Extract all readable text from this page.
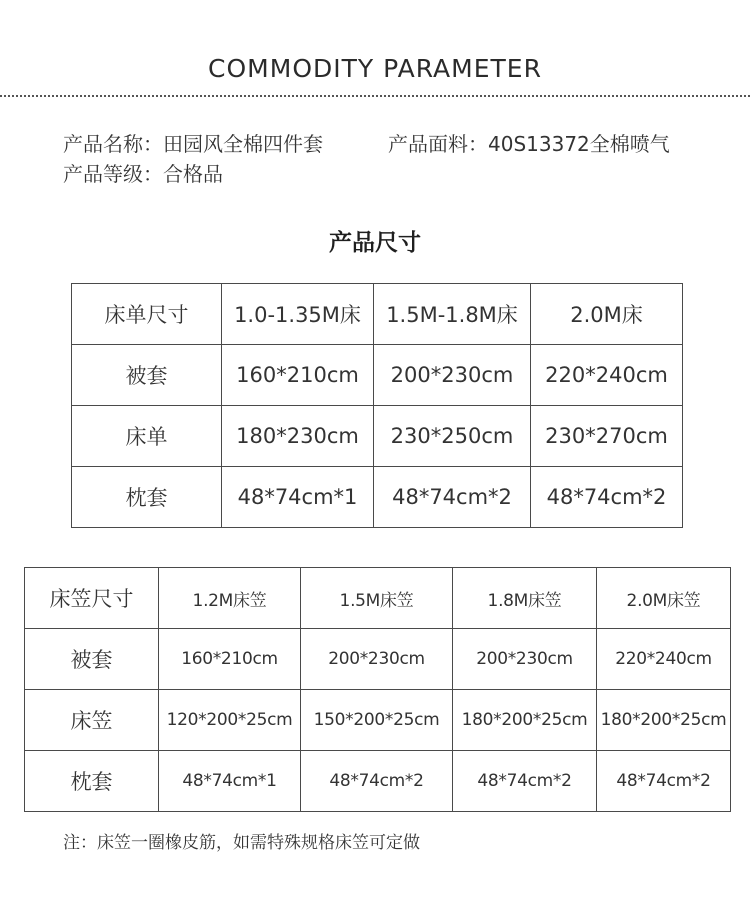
COMMODITY PARAMETER
产品名称：田园风全棉四件套	产品面料：40S13372全棉喷气
产品等级：合格品
产品尺寸
床单尺寸	1.0-1.35M床	1.5M-1.8M床	2.0M床
被套	160*210cm	200*230cm	220*240cm
床单	180*230cm	230*250cm	230*270cm
枕套	48*74cm*1	48*74cm*2	48*74cm*2
床笠尺寸	1.2M床笠	1.5M床笠	1.8M床笠	2.0M床笠
被套	160*210cm	200*230cm	200*230cm	220*240cm
床笠	120*200*25cm	150*200*25cm	180*200*25cm	180*200*25cm
枕套	48*74cm*1	48*74cm*2	48*74cm*2	48*74cm*2
注：床笠一圈橡皮筋，如需特殊规格床笠可定做
